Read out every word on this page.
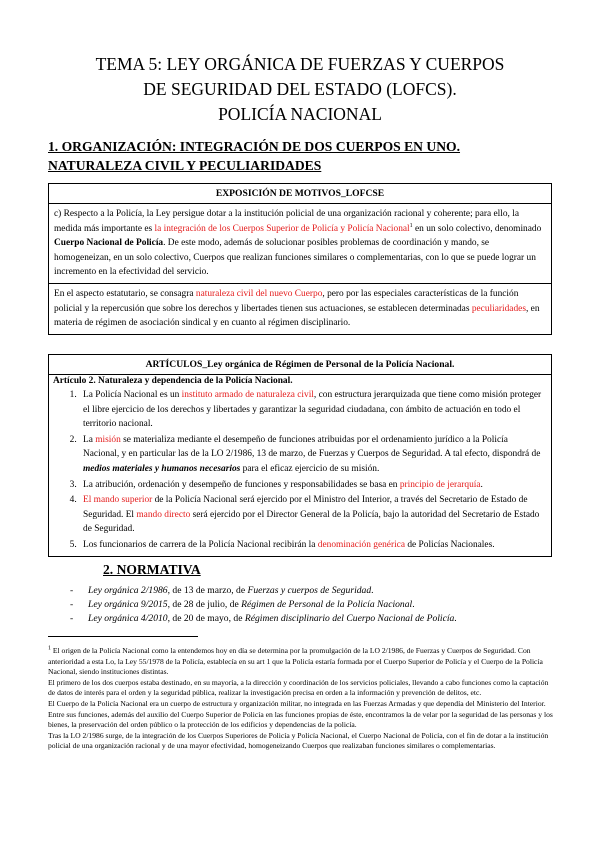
TEMA 5: LEY ORGÁNICA DE FUERZAS Y CUERPOS
DE SEGURIDAD DEL ESTADO (LOFCS).
POLICÍA NACIONAL
1. ORGANIZACIÓN: INTEGRACIÓN DE DOS CUERPOS EN UNO.
NATURALEZA CIVIL Y PECULIARIDADES
EXPOSICIÓN DE MOTIVOS_LOFCSE
c) Respecto a la Policía, la Ley persigue dotar a la institución policial de una organización racional y coherente; para ello, la medida más importante es la integración de los Cuerpos Superior de Policía y Policía Nacional$^1$ en un solo colectivo, denominado Cuerpo Nacional de Policía. De este modo, además de solucionar posibles problemas de coordinación y mando, se homogeneizan, en un solo colectivo, Cuerpos que realizan funciones similares o complementarias, con lo que se puede lograr un incremento en la efectividad del servicio.
En el aspecto estatutario, se consagra naturaleza civil del nuevo Cuerpo, pero por las especiales características de la función policial y la repercusión que sobre los derechos y libertades tienen sus actuaciones, se establecen determinadas peculiaridades, en materia de régimen de asociación sindical y en cuanto al régimen disciplinario.
ARTÍCULOS_Ley orgánica de Régimen de Personal de la Policía Nacional.
Artículo 2. Naturaleza y dependencia de la Policía Nacional.
1. La Policía Nacional es un instituto armado de naturaleza civil, con estructura jerarquizada que tiene como misión proteger el libre ejercicio de los derechos y libertades y garantizar la seguridad ciudadana, con ámbito de actuación en todo el territorio nacional.
2. La misión se materializa mediante el desempeño de funciones atribuidas por el ordenamiento jurídico a la Policía Nacional, y en particular las de la LO 2/1986, 13 de marzo, de Fuerzas y Cuerpos de Seguridad. A tal efecto, dispondrá de medios materiales y humanos necesarios para el eficaz ejercicio de su misión.
3. La atribución, ordenación y desempeño de funciones y responsabilidades se basa en principio de jerarquía.
4. El mando superior de la Policía Nacional será ejercido por el Ministro del Interior, a través del Secretario de Estado de Seguridad. El mando directo será ejercido por el Director General de la Policía, bajo la autoridad del Secretario de Estado de Seguridad.
5. Los funcionarios de carrera de la Policía Nacional recibirán la denominación genérica de Policías Nacionales.
2. NORMATIVA
- Ley orgánica 2/1986, de 13 de marzo, de Fuerzas y cuerpos de Seguridad.
- Ley orgánica 9/2015, de 28 de julio, de Régimen de Personal de la Policía Nacional.
- Ley orgánica 4/2010, de 20 de mayo, de Régimen disciplinario del Cuerpo Nacional de Policía.

$^1$ El origen de la Policía Nacional como la entendemos hoy en día se determina por la promulgación de la LO 2/1986, de Fuerzas y Cuerpos de Seguridad. Con anterioridad a esta Lo, la Ley 55/1978 de la Policía, establecía en su art 1 que la Policía estaría formada por el Cuerpo Superior de Policía y el Cuerpo de la Policía Nacional, siendo instituciones distintas.

El primero de los dos cuerpos estaba destinado, en su mayoría, a la dirección y coordinación de los servicios policiales, llevando a cabo funciones como la captación de datos de interés para el orden y la seguridad pública, realizar la investigación precisa en orden a la información y prevención de delitos, etc.

El Cuerpo de la Policía Nacional era un cuerpo de estructura y organización militar, no integrada en las Fuerzas Armadas y que dependía del Ministerio del Interior. Entre sus funciones, además del auxilio del Cuerpo Superior de Policía en las funciones propias de éste, encontramos la de velar por la seguridad de las personas y los bienes, la preservación del orden público o la protección de los edificios y dependencias de la policía.

Tras la LO 2/1986 surge, de la integración de los Cuerpos Superiores de Policía y Policía Nacional, el Cuerpo Nacional de Policía, con el fin de dotar a la institución policial de una organización racional y de una mayor efectividad, homogeneizando Cuerpos que realizaban funciones similares o complementarias.
